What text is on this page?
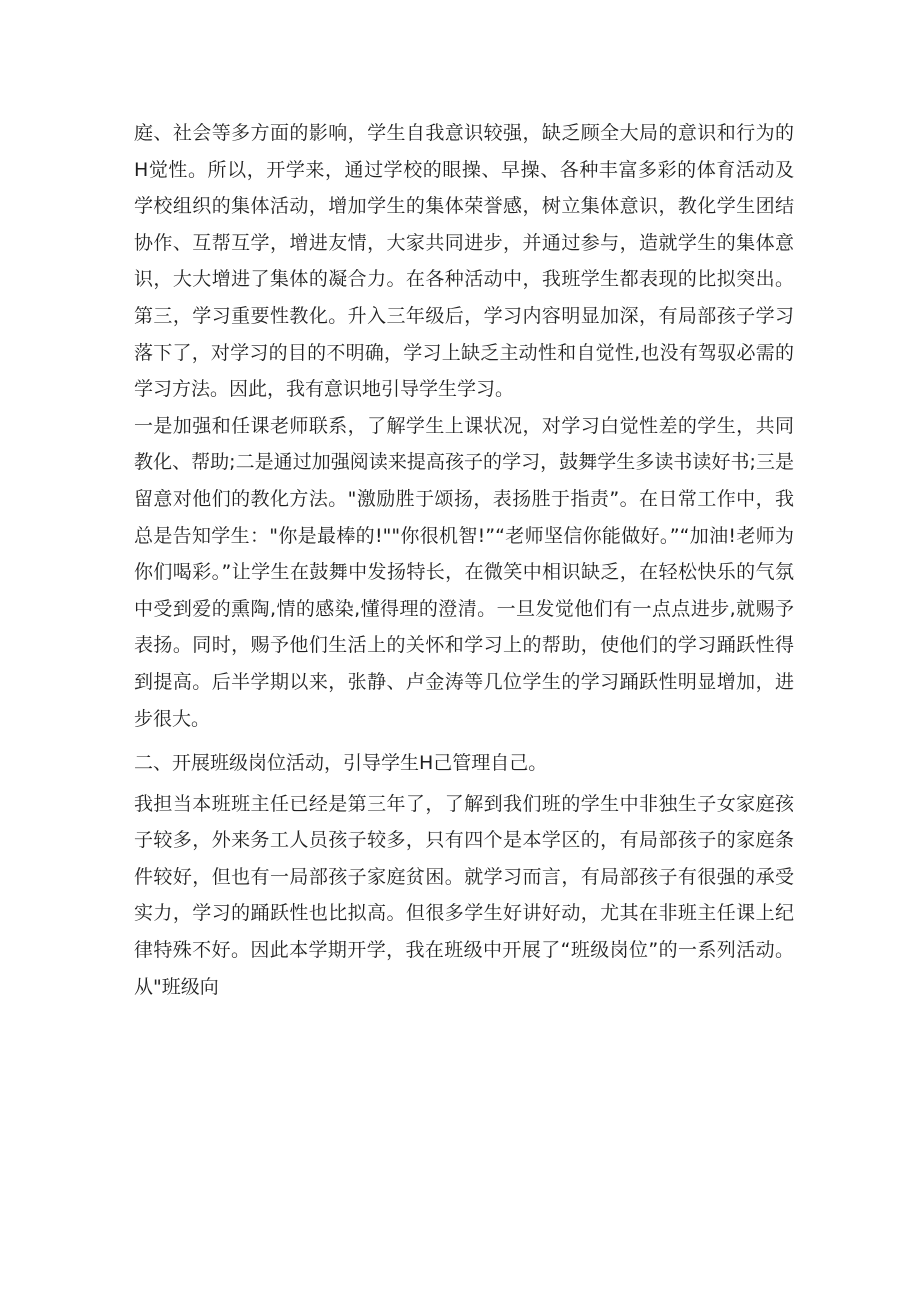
庭、社会等多方面的影响，学生自我意识较强，缺乏顾全大局的意识和行为的H觉性。所以，开学来，通过学校的眼操、早操、各种丰富多彩的体育活动及学校组织的集体活动，增加学生的集体荣誉感，树立集体意识，教化学生团结协作、互帮互学，增进友情，大家共同进步，并通过参与，造就学生的集体意识，大大增进了集体的凝合力。在各种活动中，我班学生都表现的比拟突出。第三，学习重要性教化。升入三年级后，学习内容明显加深，有局部孩子学习落下了，对学习的目的不明确，学习上缺乏主动性和自觉性,也没有驾驭必需的学习方法。因此，我有意识地引导学生学习。

一是加强和任课老师联系，了解学生上课状况，对学习白觉性差的学生，共同教化、帮助;二是通过加强阅读来提高孩子的学习，鼓舞学生多读书读好书;三是留意对他们的教化方法。"激励胜于颂扬，表扬胜于指责”。在日常工作中，我总是告知学生："你是最棒的!""你很机智!”“老师坚信你能做好。”“加油!老师为你们喝彩。”让学生在鼓舞中发扬特长，在微笑中相识缺乏，在轻松快乐的气氛中受到爱的熏陶,情的感染,懂得理的澄清。一旦发觉他们有一点点进步,就赐予表扬。同时，赐予他们生活上的关怀和学习上的帮助，使他们的学习踊跃性得到提高。后半学期以来，张静、卢金涛等几位学生的学习踊跃性明显增加，进步很大。

二、开展班级岗位活动，引导学生H己管理自己。

我担当本班班主任已经是第三年了，了解到我们班的学生中非独生子女家庭孩子较多，外来务工人员孩子较多，只有四个是本学区的，有局部孩子的家庭条件较好，但也有一局部孩子家庭贫困。就学习而言，有局部孩子有很强的承受实力，学习的踊跃性也比拟高。但很多学生好讲好动，尤其在非班主任课上纪律特殊不好。因此本学期开学，我在班级中开展了“班级岗位”的一系列活动。从"班级向
